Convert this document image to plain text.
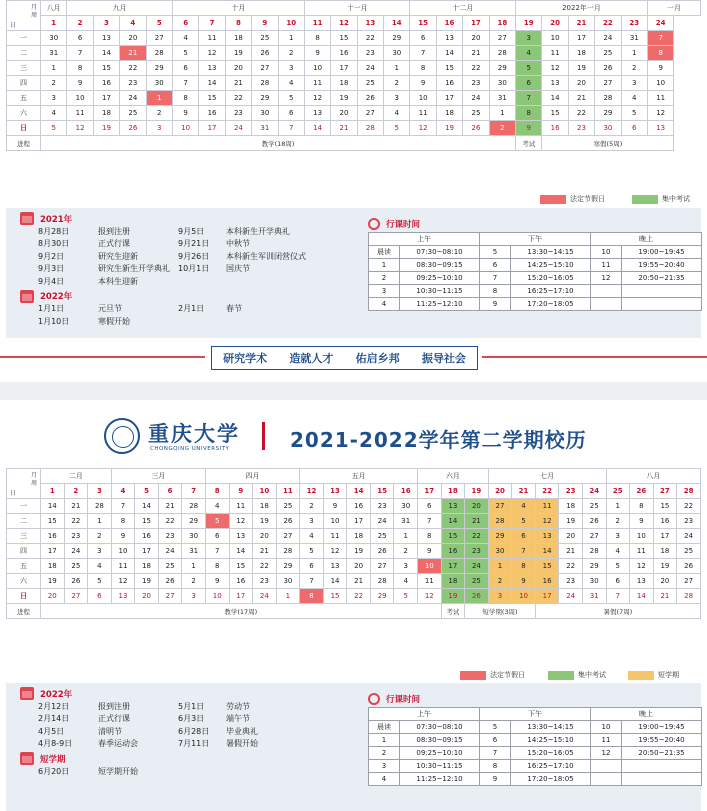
月
周
日	八月	九月				十月					十一月				十二月				2022年一月					一月
	1	2	3	4	5	6	7	8	9	10	11	12	13	14	15	16	17	18	19	20	21	22	23	24
一	30	6	13	20	27	4	11	18	25	1	8	15	22	29	6	13	20	27	3	10	17	24	31	7
二	31	7	14	21	28	5	12	19	26	2	9	16	23	30	7	14	21	28	4	11	18	25	1	8
三	1	8	15	22	29	6	13	20	27	3	10	17	24	1	8	15	22	29	5	12	19	26	2	9
四	2	9	16	23	30	7	14	21	28	4	11	18	25	2	9	16	23	30	6	13	20	27	3	10
五	3	10	17	24	1	8	15	22	29	5	12	19	26	3	10	17	24	31	7	14	21	28	4	11
六	4	11	18	25	2	9	16	23	30	6	13	20	27	4	11	18	25	1	8	15	22	29	5	12
日	5	12	19	26	3	10	17	24	31	7	14	21	28	5	12	19	26	2	9	16	23	30	6	13
进程	教学(18周)																		考试	寒假(5周)				
法定节假日	集中考试
2021年
8月28日	报到注册	9月5日	本科新生开学典礼
8月30日	正式行课	9月21日	中秋节
9月2日	研究生迎新	9月26日	本科新生军训闭营仪式
9月3日	研究生新生开学典礼	10月1日	国庆节
9月4日	本科生迎新
2022年
1月1日	元旦节	2月1日	春节
1月10日	寒假开始
行课时间
上午		下午		晚上	
晨读	07:30~08:10	5	13:30~14:15	10	19:00~19:45
1	08:30~09:15	6	14:25~15:10	11	19:55~20:40
2	09:25~10:10	7	15:20~16:05	12	20:50~21:35
3	10:30~11:15	8	16:25~17:10		
4	11:25~12:10	9	17:20~18:05		
研究学术 造就人才 佑启乡邦 振导社会
重庆大学
CHONGQING UNIVERSITY	2021-2022学年第二学期校历
月
周
日	二月			三月				四月				五月					六月			七月					八月			
	1	2	3	4	5	6	7	8	9	10	11	12	13	14	15	16	17	18	19	20	21	22	23	24	25	26	27	28
一	14	21	28	7	14	21	28	4	11	18	25	2	9	16	23	30	6	13	20	27	4	11	18	25	1	8	15	22
二	15	22	1	8	15	22	29	5	12	19	26	3	10	17	24	31	7	14	21	28	5	12	19	26	2	9	16	23
三	16	23	2	9	16	23	30	6	13	20	27	4	11	18	25	1	8	15	22	29	6	13	20	27	3	10	17	24
四	17	24	3	10	17	24	31	7	14	21	28	5	12	19	26	2	9	16	23	30	7	14	21	28	4	11	18	25
五	18	25	4	11	18	25	1	8	15	22	29	6	13	20	27	3	10	17	24	1	8	15	22	29	5	12	19	26
六	19	26	5	12	19	26	2	9	16	23	30	7	14	21	28	4	11	18	25	2	9	16	23	30	6	13	20	27
日	20	27	6	13	20	27	3	10	17	24	1	8	15	22	29	5	12	19	26	3	10	17	24	31	7	14	21	28
进程	教学(17周)																	考试	短学期(3周)			暑假(7周)						
法定节假日	集中考试	短学期
2022年
2月12日	报到注册	5月1日	劳动节
2月14日	正式行课	6月3日	端午节
4月5日	清明节	6月28日	毕业典礼
4月8-9日	春季运动会	7月11日	暑假开始
短学期
6月20日	短学期开始
行课时间
上午		下午		晚上	
晨读	07:30~08:10	5	13:30~14:15	10	19:00~19:45
1	08:30~09:15	6	14:25~15:10	11	19:55~20:40
2	09:25~10:10	7	15:20~16:05	12	20:50~21:35
3	10:30~11:15	8	16:25~17:10		
4	11:25~12:10	9	17:20~18:05		
